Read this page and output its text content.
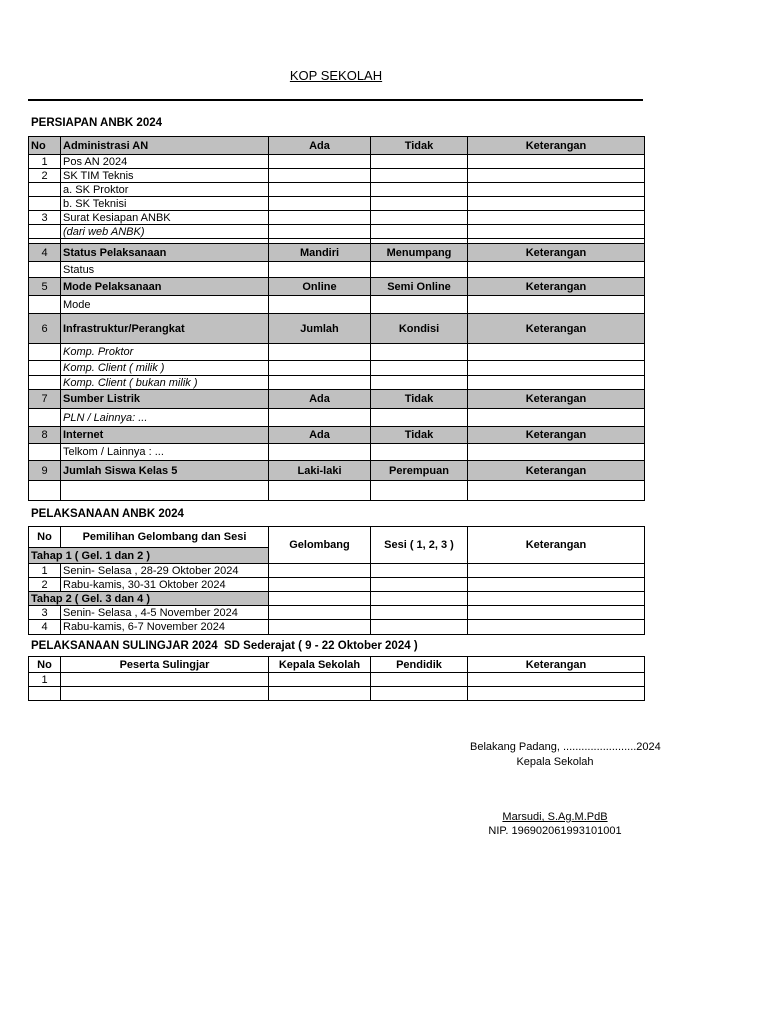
KOP SEKOLAH
PERSIAPAN ANBK 2024
No	Administrasi AN	Ada	Tidak	Keterangan
1	Pos AN 2024			
2	SK TIM Teknis			
	a. SK Proktor			
	b. SK Teknisi			
3	Surat Kesiapan ANBK			
	(dari web ANBK)			

4	Status Pelaksanaan	Mandiri	Menumpang	Keterangan
	Status			
5	Mode Pelaksanaan	Online	Semi Online	Keterangan
	Mode			
6	Infrastruktur/Perangkat	Jumlah	Kondisi	Keterangan
	Komp. Proktor			
	Komp. Client ( milik )			
	Komp. Client ( bukan milik )			
7	Sumber Listrik	Ada	Tidak	Keterangan
	PLN / Lainnya: ...			
8	Internet	Ada	Tidak	Keterangan
	Telkom / Lainnya : ...			
9	Jumlah Siswa Kelas 5	Laki-laki	Perempuan	Keterangan

PELAKSANAAN ANBK 2024
No	Pemilihan Gelombang dan Sesi	Gelombang	Sesi ( 1, 2, 3 )	Keterangan
Tahap 1 ( Gel. 1 dan 2 )				
1	Senin- Selasa , 28-29 Oktober 2024			
2	Rabu-kamis, 30-31 Oktober 2024			
Tahap 2 ( Gel. 3 dan 4 )				
3	Senin- Selasa , 4-5 November 2024			
4	Rabu-kamis, 6-7 November 2024			
PELAKSANAAN SULINGJAR 2024  SD Sederajat ( 9 - 22 Oktober 2024 )
No	Peserta Sulingjar	Kepala Sekolah	Pendidik	Keterangan
1				

Belakang Padang, ........................2024
Kepala Sekolah
Marsudi, S.Ag.M.PdB
NIP. 196902061993101001
